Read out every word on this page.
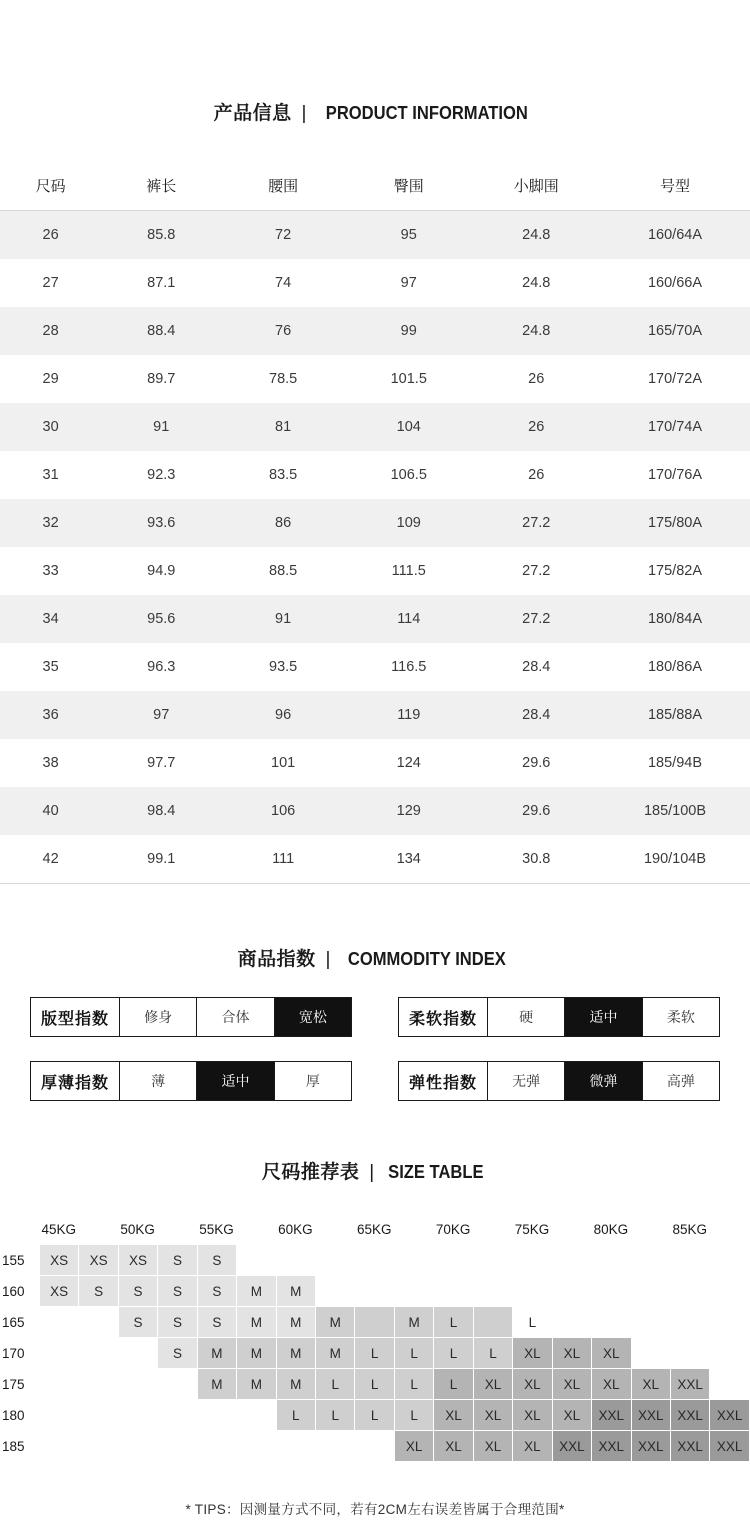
产品信息 | PRODUCT INFORMATION
尺码	裤长	腰围	臀围	小脚围	号型
26	85.8	72	95	24.8	160/64A
27	87.1	74	97	24.8	160/66A
28	88.4	76	99	24.8	165/70A
29	89.7	78.5	101.5	26	170/72A
30	91	81	104	26	170/74A
31	92.3	83.5	106.5	26	170/76A
32	93.6	86	109	27.2	175/80A
33	94.9	88.5	111.5	27.2	175/82A
34	95.6	91	114	27.2	180/84A
35	96.3	93.5	116.5	28.4	180/86A
36	97	96	119	28.4	185/88A
38	97.7	101	124	29.6	185/94B
40	98.4	106	129	29.6	185/100B
42	99.1	111	134	30.8	190/104B
商品指数 | COMMODITY INDEX
版型指数	修身	合体	宽松	柔软指数	硬	适中	柔软
厚薄指数	薄	适中	厚	弹性指数	无弹	微弹	高弹
尺码推荐表 | SIZE TABLE
	45KG		50KG		55KG		60KG		65KG		70KG		75KG		80KG		85KG	
155	XS	XS	XS	S	S													
160	XS	S	S	S	S	M	M											
165			S	S	S	M	M	M		M	L		L					
170				S	M	M	M	M	L	L	L	L	XL	XL	XL			
175					M	M	M	L	L	L	L	XL	XL	XL	XL	XL	XXL	
180							L	L	L	L	XL	XL	XL	XL	XXL	XXL	XXL	XXL
185										XL	XL	XL	XL	XXL	XXL	XXL	XXL	XXL
* TIPS：因测量方式不同，若有2CM左右误差皆属于合理范围*
